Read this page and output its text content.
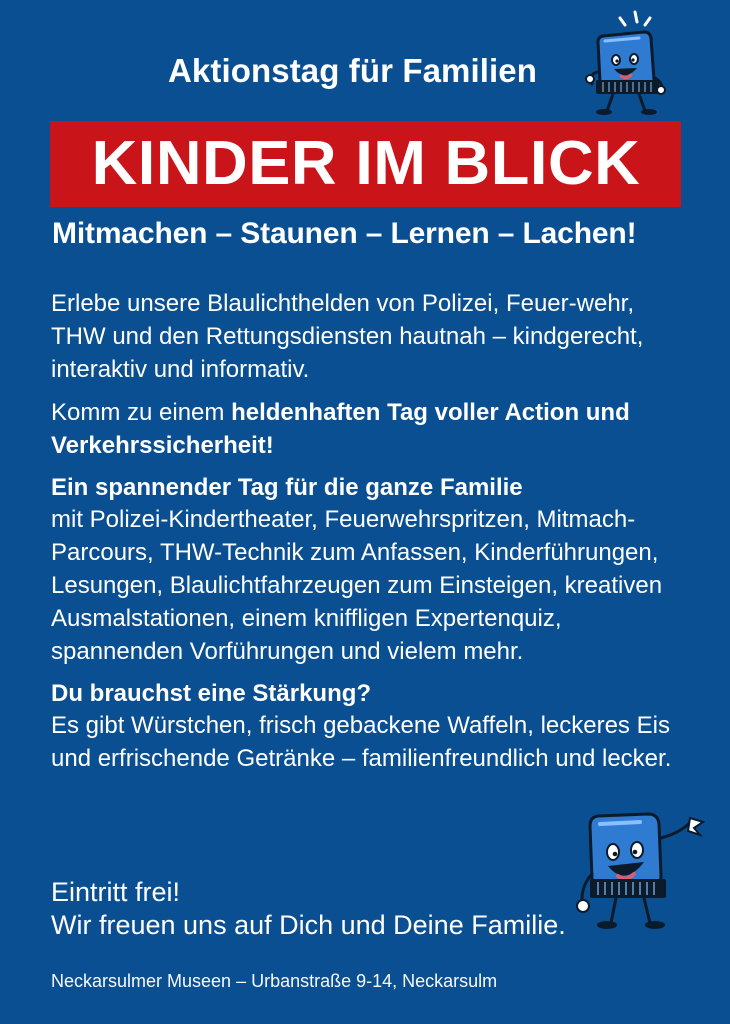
Aktionstag für Familien
KINDER IM BLICK
Mitmachen – Staunen – Lernen – Lachen!

Erlebe unsere Blaulichthelden von Polizei, Feuer-wehr, THW und den Rettungsdiensten hautnah – kindgerecht, interaktiv und informativ.

Komm zu einem heldenhaften Tag voller Action und Verkehrssicherheit!

Ein spannender Tag für die ganze Familie

mit Polizei-Kindertheater, Feuerwehrspritzen, Mitmach-Parcours, THW-Technik zum Anfassen, Kinderführungen, Lesungen, Blaulichtfahrzeugen zum Einsteigen, kreativen Ausmalstationen, einem kniffligen Expertenquiz, spannenden Vorführungen und vielem mehr.

Du brauchst eine Stärkung?

Es gibt Würstchen, frisch gebackene Waffeln, leckeres Eis und erfrischende Getränke – familienfreundlich und lecker.

Eintritt frei!
Wir freuen uns auf Dich und Deine Familie.
Neckarsulmer Museen – Urbanstraße 9-14, Neckarsulm
